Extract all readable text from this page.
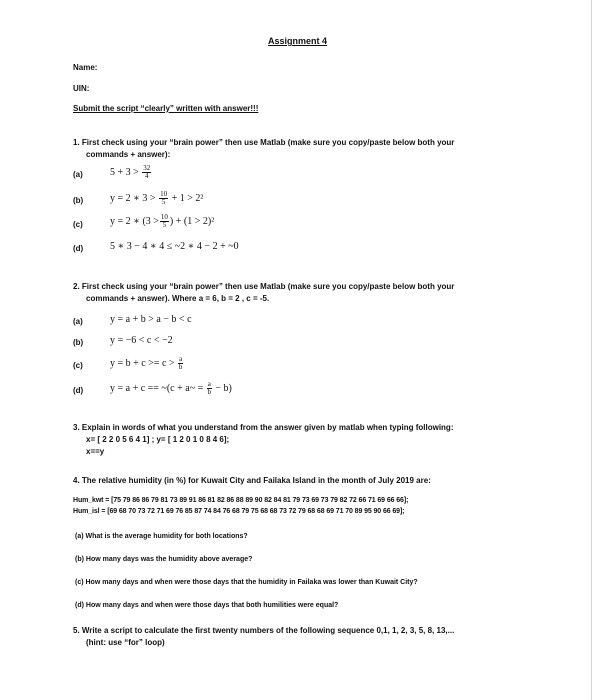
Assignment 4
Name:
UIN:
Submit the script “clearly” written with answer!!!
1. First check using your “brain power” then use Matlab (make sure you copy/paste below both your
commands + answer):
(a)	$5 + 3 > \frac{32}{4}$
(b)	y = 2 ∗ $3 > \frac{10}{5} + 1 > 2^2$
(c)	y = 2 ∗ ($3 > \frac{10}{5}$ ) + (1 > 2)²
(d)	5 ∗ 3 − 4 ∗ 4 ≤ ~2 ∗ 4 − 2 + ~0
2. First check using your “brain power” then use Matlab (make sure you copy/paste below both your
commands + answer). Where a = 6, b = 2 , c = -5.
(a)	y = a + b > a − b < c
(b)	y = −6 < c < −2
(c)	$y = b + c >= c > \frac{a}{b}$
(d)	y = a + c == ~(c + a~ = $\frac{a}{b} - b$)
3. Explain in words of what you understand from the answer given by matlab when typing following:
x= [ 2 2 0 5 6 4 1] ; y= [ 1 2 0 1 0 8 4 6];
x==y
4. The relative humidity (in %) for Kuwait City and Failaka Island in the month of July 2019 are:
Hum_kwt = [75 79 86 86 79 81 73 89 91 86 81 82 86 88 89 90 82 84 81 79 73 69 73 79 82 72 66 71 69 66 66];
Hum_isl = [69 68 70 73 72 71 69 76 85 87 74 84 76 68 79 75 68 68 73 72 79 68 68 69 71 70 89 95 90 66 69];
(a) What is the average humidity for both locations?
(b) How many days was the humidity above average?
(c) How many days and when were those days that the humidity in Failaka was lower than Kuwait City?
(d) How many days and when were those days that both humilities were equal?
5. Write a script to calculate the first twenty numbers of the following sequence 0,1, 1, 2, 3, 5, 8, 13,...
(hint: use “for” loop)
